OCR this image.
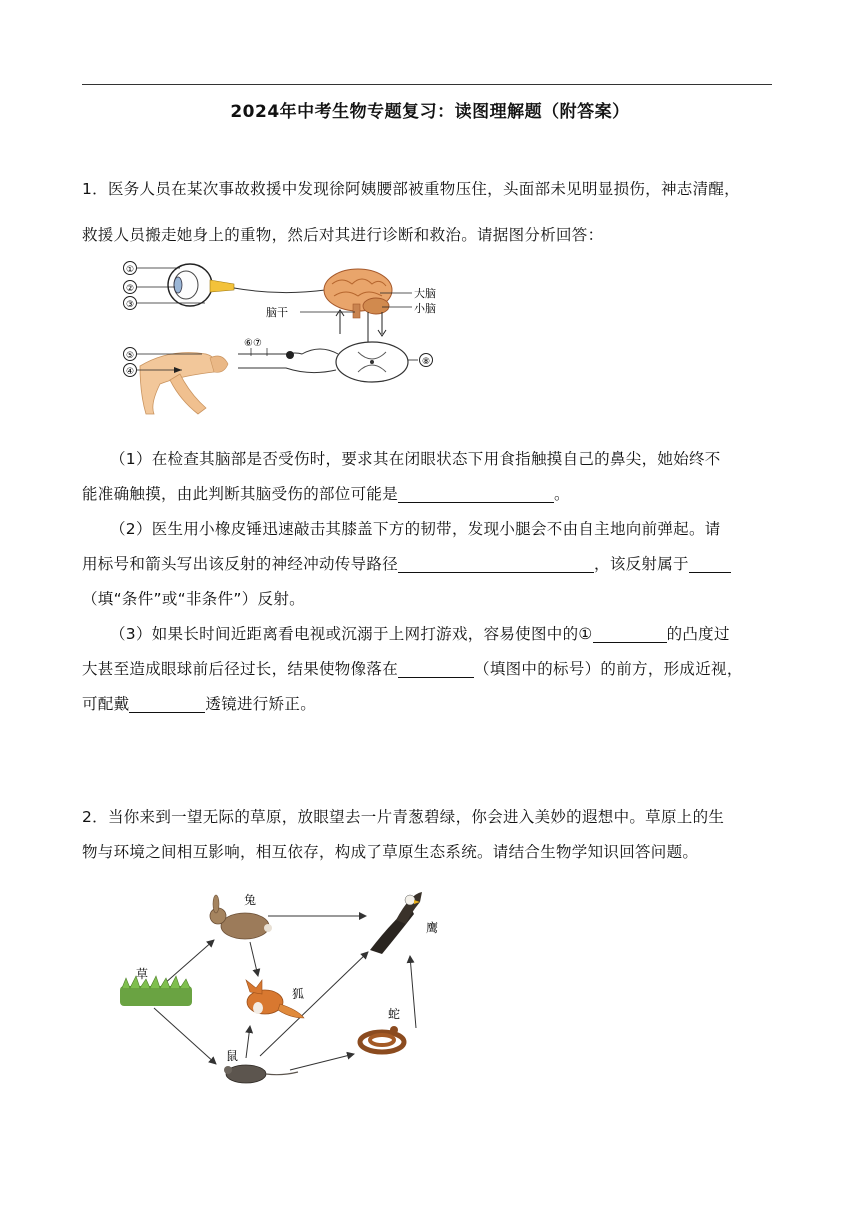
2024年中考生物专题复习：读图理解题（附答案）
1．医务人员在某次事故救援中发现徐阿姨腰部被重物压住，头面部未见明显损伤，神志清醒，
救援人员搬走她身上的重物，然后对其进行诊断和救治。请据图分析回答：
①
②
③
大脑
小脑
脑干
⑧
⑥⑦
⑤
④
（1）在检查其脑部是否受伤时，要求其在闭眼状态下用食指触摸自己的鼻尖，她始终不
能准确触摸，由此判断其脑受伤的部位可能是	。
（2）医生用小橡皮锤迅速敲击其膝盖下方的韧带，发现小腿会不由自主地向前弹起。请
用标号和箭头写出该反射的神经冲动传导路径	，该反射属于
（填“条件”或“非条件”）反射。
（3）如果长时间近距离看电视或沉溺于上网打游戏，容易使图中的①	的凸度过
大甚至造成眼球前后径过长，结果使物像落在	（填图中的标号）的前方，形成近视，
可配戴	透镜进行矫正。
2．当你来到一望无际的草原，放眼望去一片青葱碧绿，你会进入美妙的遐想中。草原上的生
物与环境之间相互影响，相互依存，构成了草原生态系统。请结合生物学知识回答问题。
草
兔
鹰
狐
鼠
蛇
